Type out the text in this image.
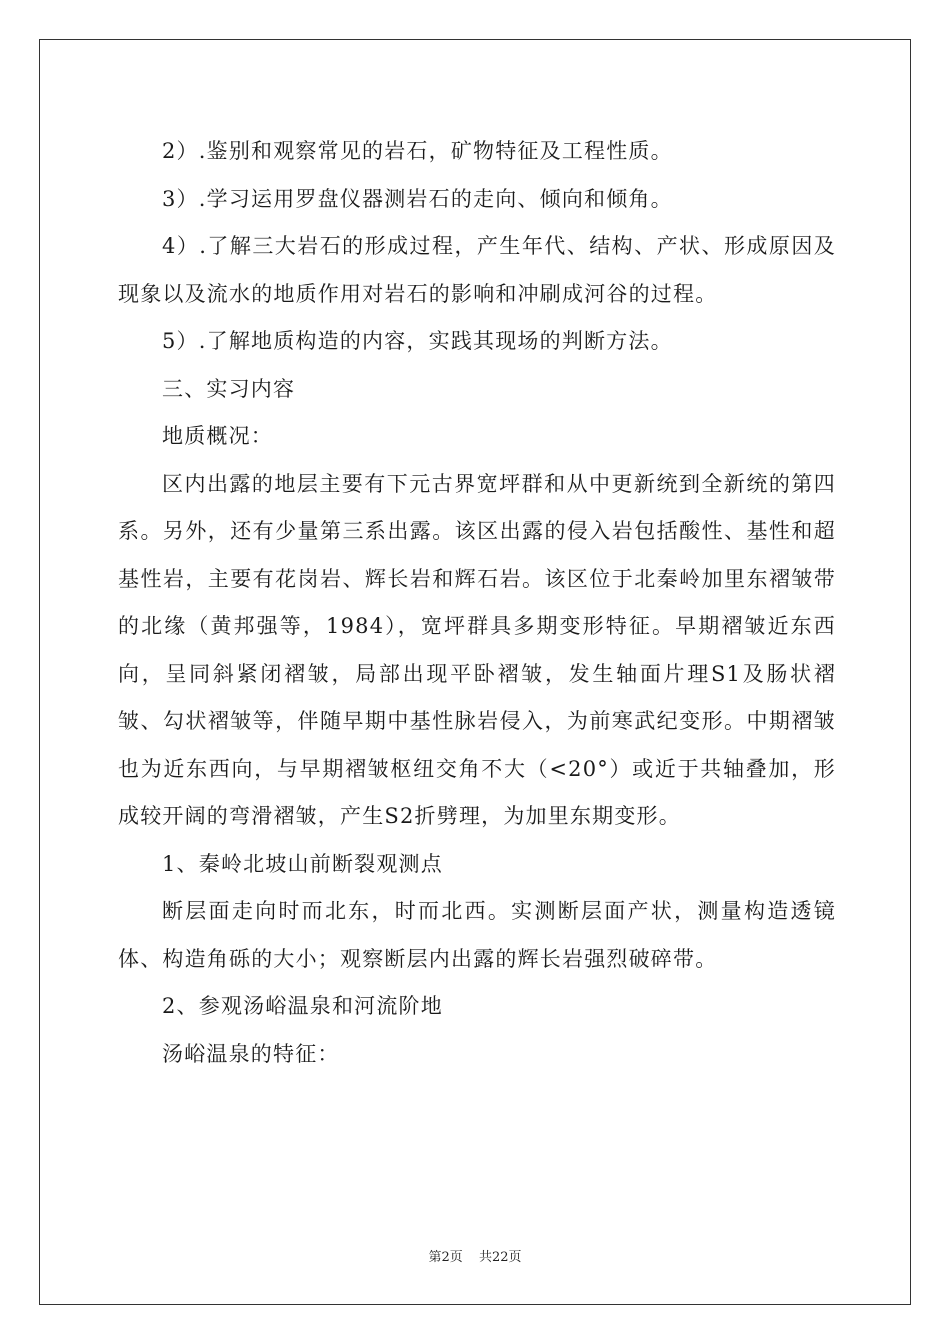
2）.鉴别和观察常见的岩石，矿物特征及工程性质。

3）.学习运用罗盘仪器测岩石的走向、倾向和倾角。

4）.了解三大岩石的形成过程，产生年代、结构、产状、形成原因及现象以及流水的地质作用对岩石的影响和冲刷成河谷的过程。

5）.了解地质构造的内容，实践其现场的判断方法。

三、实习内容

地质概况：

区内出露的地层主要有下元古界宽坪群和从中更新统到全新统的第四系。另外，还有少量第三系出露。该区出露的侵入岩包括酸性、基性和超基性岩，主要有花岗岩、辉长岩和辉石岩。该区位于北秦岭加里东褶皱带的北缘（黄邦强等，1984），宽坪群具多期变形特征。早期褶皱近东西向，呈同斜紧闭褶皱，局部出现平卧褶皱，发生轴面片理S1及肠状褶皱、勾状褶皱等，伴随早期中基性脉岩侵入，为前寒武纪变形。中期褶皱也为近东西向，与早期褶皱枢纽交角不大（<20°）或近于共轴叠加，形成较开阔的弯滑褶皱，产生S2折劈理，为加里东期变形。

1、秦岭北坡山前断裂观测点

断层面走向时而北东，时而北西。实测断层面产状，测量构造透镜体、构造角砾的大小；观察断层内出露的辉长岩强烈破碎带。

2、参观汤峪温泉和河流阶地

汤峪温泉的特征：

第2页 共22页
